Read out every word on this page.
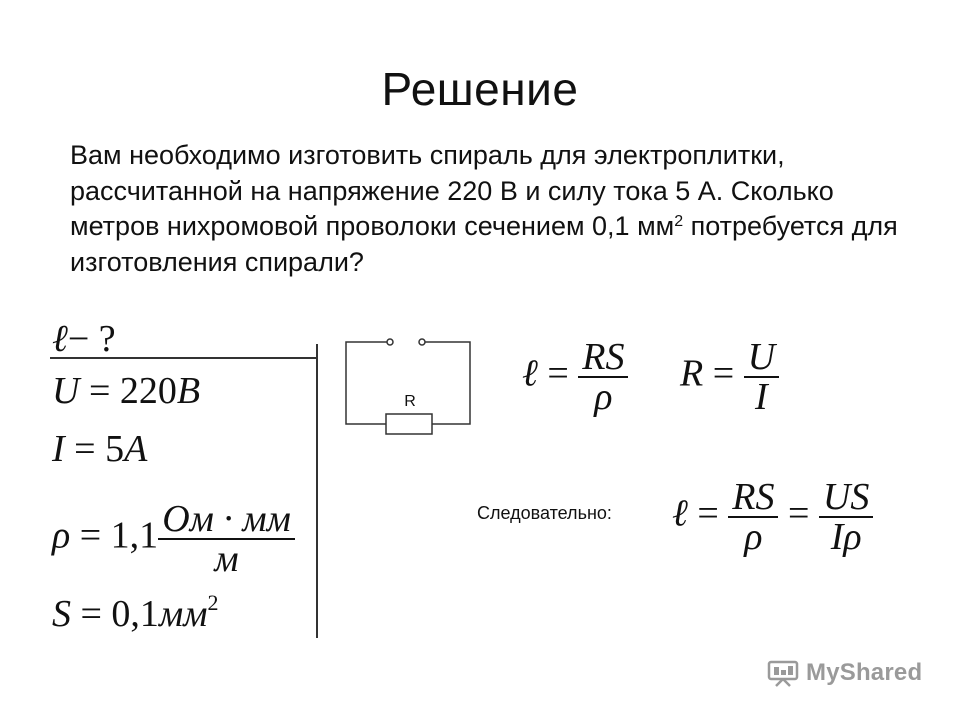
Решение
Вам необходимо изготовить спираль для электроплитки, рассчитанной на напряжение 220 В и силу тока 5 А. Сколько метров нихромовой проволоки сечением 0,1 $мм^2$ потребуется для изготовления спирали?
ℓ− ?
U = 220B
I = 5A
$\rho = 1,1 \frac{Ом \cdot мм}{м}$
$S = 0,1мм^2$
R
ℓ = $\frac{RS}{\rho}$ $R = \frac{U}{I}$
Следовательно: ℓ = $\frac{RS}{\rho} = \frac{US}{I\rho}$
MyShared
